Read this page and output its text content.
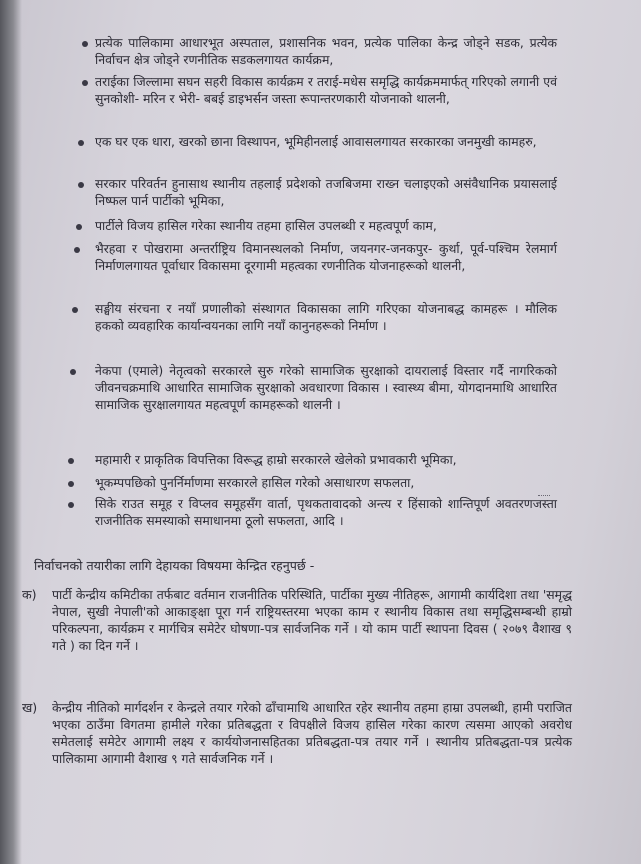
प्रत्येक पालिकामा आधारभूत अस्पताल, प्रशासनिक भवन, प्रत्येक पालिका केन्द्र जोड्ने सडक, प्रत्येक निर्वाचन क्षेत्र जोड्ने रणनीतिक सडकलगायत कार्यक्रम,
तराईका जिल्लामा सघन सहरी विकास कार्यक्रम र तराई-मधेस समृद्धि कार्यक्रममार्फत् गरिएको लगानी एवं सुनकोशी- मरिन र भेरी- बबई डाइभर्सन जस्ता रूपान्तरणकारी योजनाको थालनी,
एक घर एक धारा, खरको छाना विस्थापन, भूमिहीनलाई आवासलगायत सरकारका जनमुखी कामहरु,
सरकार परिवर्तन हुनासाथ स्थानीय तहलाई प्रदेशको तजबिजमा राख्न चलाइएको असंवैधानिक प्रयासलाई निष्फल पार्न पार्टीको भूमिका,
पार्टीले विजय हासिल गरेका स्थानीय तहमा हासिल उपलब्धी र महत्वपूर्ण काम,
भैरहवा र पोखरामा अन्तर्राष्ट्रिय विमानस्थलको निर्माण, जयनगर-जनकपुर- कुर्था, पूर्व-पश्चिम रेलमार्ग निर्माणलगायत पूर्वाधार विकासमा दूरगामी महत्वका रणनीतिक योजनाहरूको थालनी,
सङ्घीय संरचना र नयाँ प्रणालीको संस्थागत विकासका लागि गरिएका योजनाबद्ध कामहरू । मौलिक हकको व्यवहारिक कार्यान्वयनका लागि नयाँ कानुनहरूको निर्माण ।
नेकपा (एमाले) नेतृत्वको सरकारले सुरु गरेको सामाजिक सुरक्षाको दायरालाई विस्तार गर्दै नागरिकको जीवनचक्रमाथि आधारित सामाजिक सुरक्षाको अवधारणा विकास । स्वास्थ्य बीमा, योगदानमाथि आधारित सामाजिक सुरक्षालगायत महत्वपूर्ण कामहरूको थालनी ।
महामारी र प्राकृतिक विपत्तिका विरूद्ध हाम्रो सरकारले खेलेको प्रभावकारी भूमिका,
भूकम्पपछिको पुनर्निर्माणमा सरकारले हासिल गरेको असाधारण सफलता,
सिके राउत समूह र विप्लव समूहसँग वार्ता, पृथकतावादको अन्त्य र हिंसाको शान्तिपूर्ण अवतरणजस्ता राजनीतिक समस्याको समाधानमा ठूलो सफलता, आदि ।
निर्वाचनको तयारीका लागि देहायका विषयमा केन्द्रित रहनुपर्छ -
क) पार्टी केन्द्रीय कमिटीका तर्फबाट वर्तमान राजनीतिक परिस्थिति, पार्टीका मुख्य नीतिहरू, आगामी कार्यदिशा तथा 'समृद्ध नेपाल, सुखी नेपाली'को आकाङ्क्षा पूरा गर्न राष्ट्रियस्तरमा भएका काम र स्थानीय विकास तथा समृद्धिसम्बन्धी हाम्रो परिकल्पना, कार्यक्रम र मार्गचित्र समेटेर घोषणा-पत्र सार्वजनिक गर्ने । यो काम पार्टी स्थापना दिवस ( २०७९ वैशाख ९ गते ) का दिन गर्ने ।
ख) केन्द्रीय नीतिको मार्गदर्शन र केन्द्रले तयार गरेको ढाँचामाथि आधारित रहेर स्थानीय तहमा हाम्रा उपलब्धी, हामी पराजित भएका ठाउँमा विगतमा हामीले गरेका प्रतिबद्धता र विपक्षीले विजय हासिल गरेका कारण त्यसमा आएको अवरोध समेतलाई समेटेर आगामी लक्ष्य र कार्ययोजनासहितका प्रतिबद्धता-पत्र तयार गर्ने । स्थानीय प्रतिबद्धता-पत्र प्रत्येक पालिकामा आगामी वैशाख ९ गते सार्वजनिक गर्ने ।
